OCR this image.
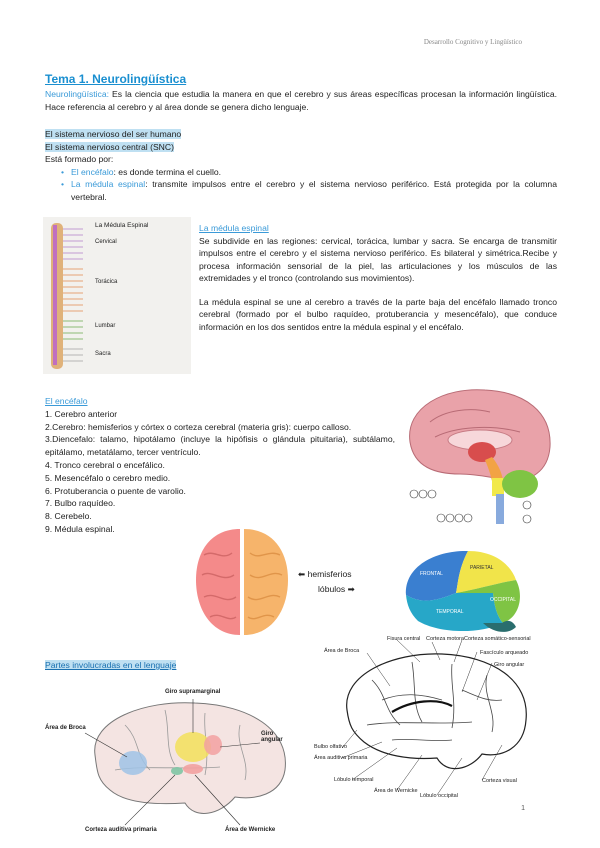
Desarrollo Cognitivo y Lingüístico
Tema 1. Neurolingüística
Neurolingüística: Es la ciencia que estudia la manera en que el cerebro y sus áreas específicas procesan la información lingüística. Hace referencia al cerebro y al área donde se genera dicho lenguaje.
El sistema nervioso del ser humano
El sistema nervioso central (SNC)
Está formado por:
• El encéfalo: es donde termina el cuello.
• La médula espinal: transmite impulsos entre el cerebro y el sistema nervioso periférico. Está protegida por la columna vertebral.
La Médula Espinal
Cervical
Torácica
Lumbar
Sacra
La médula espinal
Se subdivide en las regiones: cervical, torácica, lumbar y sacra. Se encarga de transmitir impulsos entre el cerebro y el sistema nervioso periférico. Es bilateral y simétrica.Recibe y procesa información sensorial de la piel, las articulaciones y los músculos de las extremidades y el tronco (controlando sus movimientos).
La médula espinal se une al cerebro a través de la parte baja del encéfalo llamado tronco cerebral (formado por el bulbo raquídeo, protuberancia y mesencéfalo), que conduce información en los dos sentidos entre la médula espinal y el encéfalo.
El encéfalo
1. Cerebro anterior
2.Cerebro: hemisferios y córtex o corteza cerebral (materia gris): cuerpo calloso.
3.Diencefalo: talamo, hipotálamo (incluye la hipófisis o glándula pituitaria), subtálamo, epitálamo, metatálamo, tercer ventrículo.
4. Tronco cerebral o encefálico.
5. Mesencéfalo o cerebro medio.
6. Protuberancia o puente de varolio.
7. Bulbo raquídeo.
8. Cerebelo.
9. Médula espinal.
⬅ hemisferios
lóbulos ➡
FRONTAL
PARIETAL
TEMPORAL
OCCIPITAL
Partes involucradas en el lenguaje
Giro supramarginal
Área de Broca
Giro angular
Corteza auditiva primaria	Área de Wernicke
Área de Broca
Fisura central Corteza motora Corteza somático-sensorial
Fascículo arqueado
Giro angular
Bulbo olfativo
Área auditiva primaria
Lóbulo temporal
Área de Wernicke
Corteza visual
Lóbulo occipital
1
